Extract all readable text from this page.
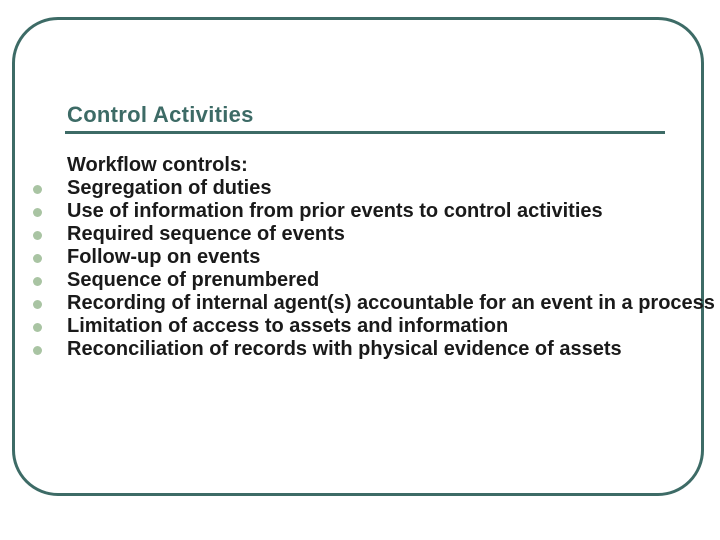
Control Activities
Workflow controls:
Segregation of duties
Use of information from prior events to control activities
Required sequence of events
Follow-up on events
Sequence of prenumbered
Recording of internal agent(s) accountable for an event in a process
Limitation of access to assets and information
Reconciliation of records with physical evidence of assets
